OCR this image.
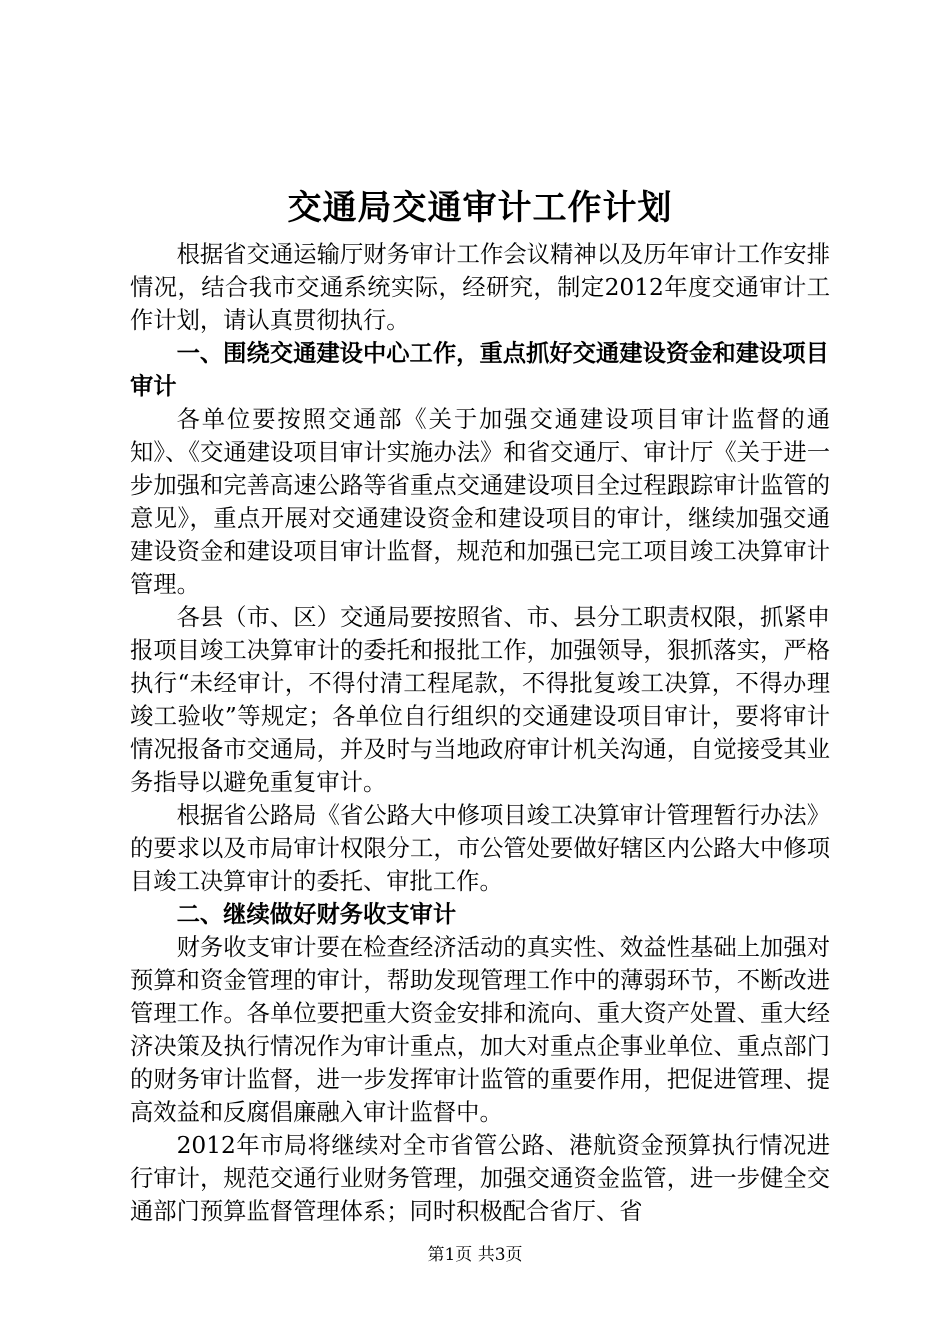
交通局交通审计工作计划

根据省交通运输厅财务审计工作会议精神以及历年审计工作安排情况，结合我市交通系统实际，经研究，制定2012年度交通审计工作计划，请认真贯彻执行。

一、围绕交通建设中心工作，重点抓好交通建设资金和建设项目审计

各单位要按照交通部《关于加强交通建设项目审计监督的通知》、《交通建设项目审计实施办法》和省交通厅、审计厅《关于进一步加强和完善高速公路等省重点交通建设项目全过程跟踪审计监管的意见》，重点开展对交通建设资金和建设项目的审计，继续加强交通建设资金和建设项目审计监督，规范和加强已完工项目竣工决算审计管理。

各县（市、区）交通局要按照省、市、县分工职责权限，抓紧申报项目竣工决算审计的委托和报批工作，加强领导，狠抓落实，严格执行“未经审计，不得付清工程尾款，不得批复竣工决算，不得办理竣工验收”等规定；各单位自行组织的交通建设项目审计，要将审计情况报备市交通局，并及时与当地政府审计机关沟通，自觉接受其业务指导以避免重复审计。

根据省公路局《省公路大中修项目竣工决算审计管理暂行办法》的要求以及市局审计权限分工，市公管处要做好辖区内公路大中修项目竣工决算审计的委托、审批工作。

二、继续做好财务收支审计

财务收支审计要在检查经济活动的真实性、效益性基础上加强对预算和资金管理的审计，帮助发现管理工作中的薄弱环节，不断改进管理工作。各单位要把重大资金安排和流向、重大资产处置、重大经济决策及执行情况作为审计重点，加大对重点企事业单位、重点部门的财务审计监督，进一步发挥审计监管的重要作用，把促进管理、提高效益和反腐倡廉融入审计监督中。

2012年市局将继续对全市省管公路、港航资金预算执行情况进行审计，规范交通行业财务管理，加强交通资金监管，进一步健全交通部门预算监督管理体系；同时积极配合省厅、省

第1页 共3页
